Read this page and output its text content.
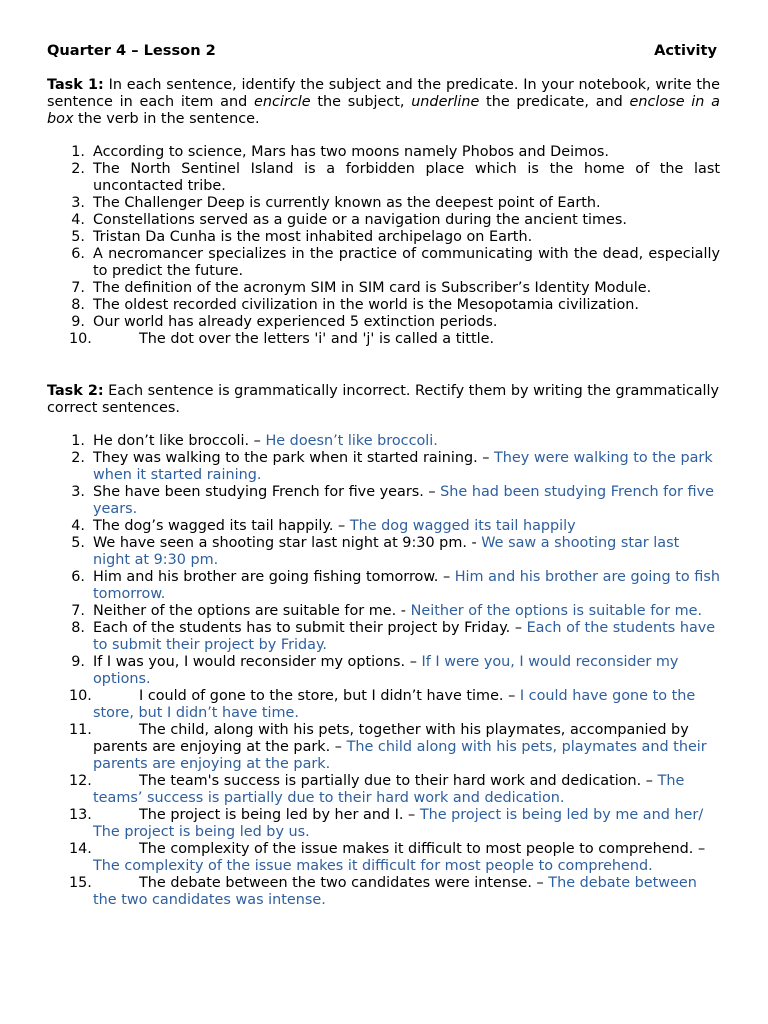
Quarter 4 – Lesson 2	Activity
Task 1: In each sentence, identify the subject and the predicate. In your notebook, write the sentence in each item and encircle the subject, underline the predicate, and enclose in a box the verb in the sentence.
1. According to science, Mars has two moons namely Phobos and Deimos.
2. The North Sentinel Island is a forbidden place which is the home of the last uncontacted tribe.
3. The Challenger Deep is currently known as the deepest point of Earth.
4. Constellations served as a guide or a navigation during the ancient times.
5. Tristan Da Cunha is the most inhabited archipelago on Earth.
6. A necromancer specializes in the practice of communicating with the dead, especially to predict the future.
7. The definition of the acronym SIM in SIM card is Subscriber’s Identity Module.
8. The oldest recorded civilization in the world is the Mesopotamia civilization.
9. Our world has already experienced 5 extinction periods.
10.	The dot over the letters 'i' and 'j' is called a tittle.
Task 2: Each sentence is grammatically incorrect. Rectify them by writing the grammatically correct sentences.
1. He don’t like broccoli. – He doesn’t like broccoli.
2. They was walking to the park when it started raining. – They were walking to the park when it started raining.
3. She have been studying French for five years. – She had been studying French for five years.
4. The dog’s wagged its tail happily. – The dog wagged its tail happily
5. We have seen a shooting star last night at 9:30 pm. - We saw a shooting star last night at 9:30 pm.
6. Him and his brother are going fishing tomorrow. – Him and his brother are going to fish tomorrow.
7. Neither of the options are suitable for me. - Neither of the options is suitable for me.
8. Each of the students has to submit their project by Friday. – Each of the students have to submit their project by Friday.
9. If I was you, I would reconsider my options. – If I were you, I would reconsider my options.
10.	I could of gone to the store, but I didn’t have time. – I could have gone to the store, but I didn’t have time.
11.	The child, along with his pets, together with his playmates, accompanied by parents are enjoying at the park. – The child along with his pets, playmates and their parents are enjoying at the park.
12.	The team's success is partially due to their hard work and dedication. – The teams’ success is partially due to their hard work and dedication.
13.	The project is being led by her and I. – The project is being led by me and her/ The project is being led by us.
14.	The complexity of the issue makes it difficult to most people to comprehend. – The complexity of the issue makes it difficult for most people to comprehend.
15.	The debate between the two candidates were intense. – The debate between the two candidates was intense.
